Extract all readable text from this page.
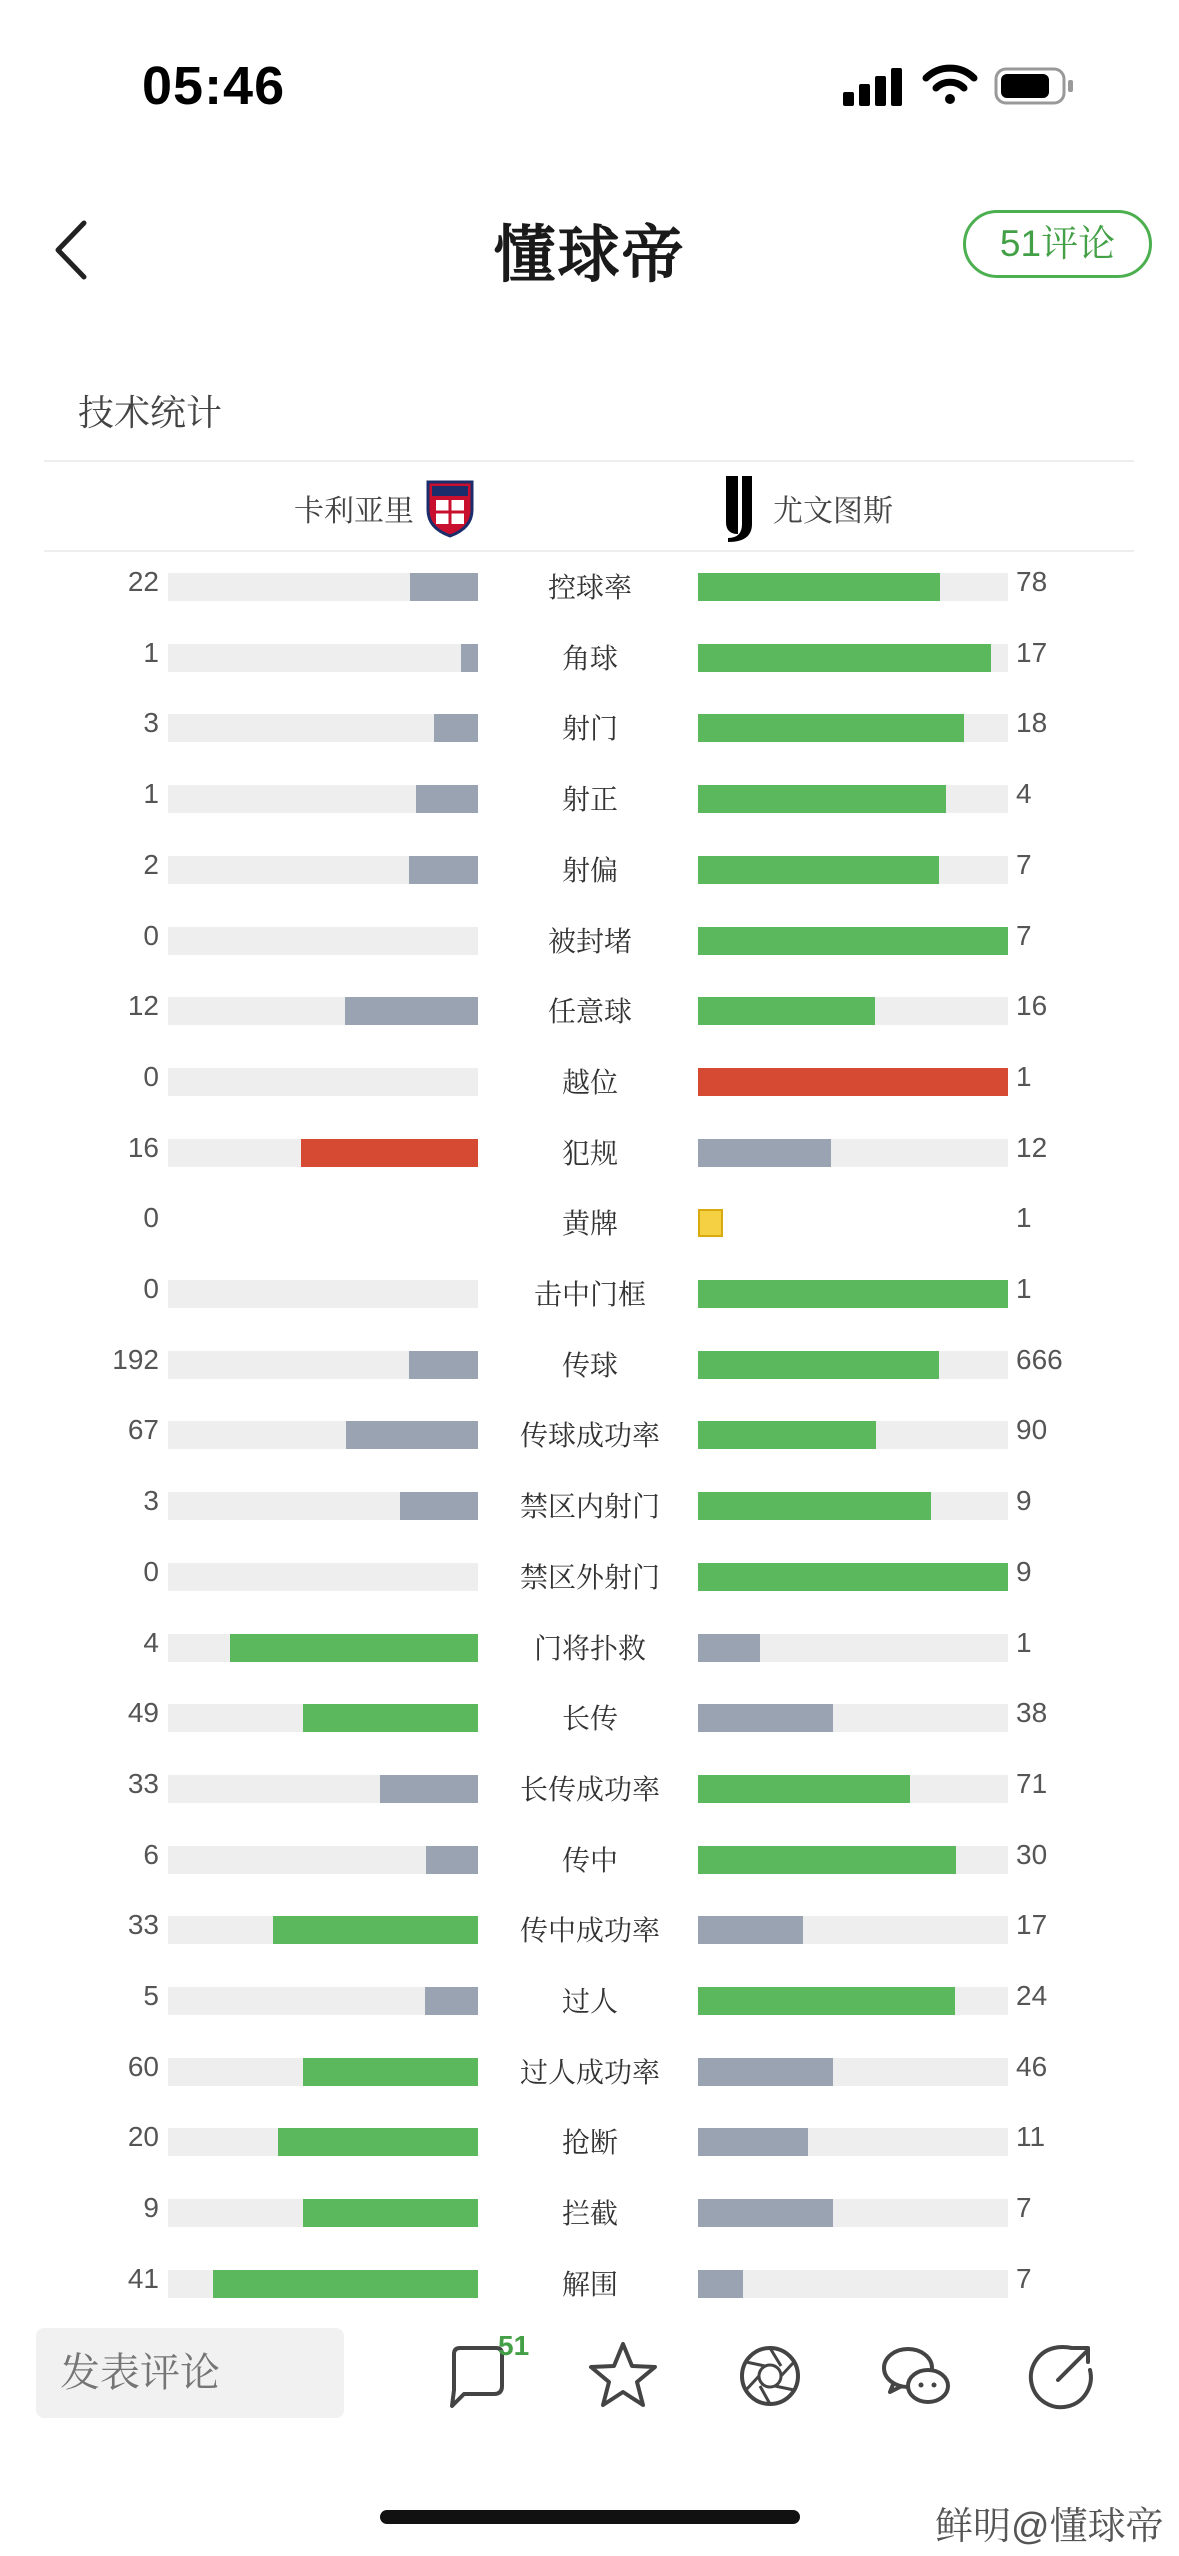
05:46
懂球帝	51评论
技术统计
卡利亚里	尤文图斯
22	控球率	78
1	角球	17
3	射门	18
1	射正	4
2	射偏	7
0	被封堵	7
12	任意球	16
0	越位	1
16	犯规	12
0	黄牌	1
0	击中门框	1
192	传球	666
67	传球成功率	90
3	禁区内射门	9
0	禁区外射门	9
4	门将扑救	1
49	长传	38
33	长传成功率	71
6	传中	30
33	传中成功率	17
5	过人	24
60	过人成功率	46
20	抢断	11
9	拦截	7
41	解围	7

发表评论
51
鲜明@懂球帝
